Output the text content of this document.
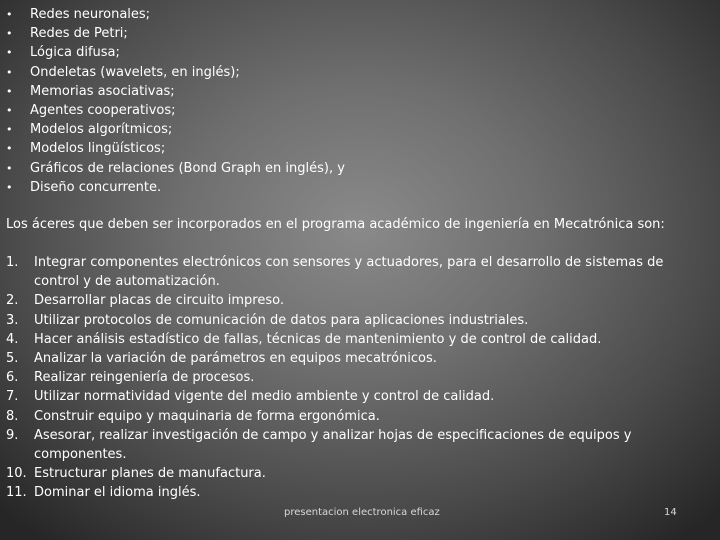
•	Redes neuronales;
•	Redes de Petri;
•	Lógica difusa;
•	Ondeletas (wavelets, en inglés);
•	Memorias asociativas;
•	Agentes cooperativos;
•	Modelos algorítmicos;
•	Modelos lingüísticos;
•	Gráficos de relaciones (Bond Graph en inglés), y
•	Diseño concurrente.
Los áceres que deben ser incorporados en el programa académico de ingeniería en Mecatrónica son:
1. Integrar componentes electrónicos con sensores y actuadores, para el desarrollo de sistemas de control y de automatización.
2. Desarrollar placas de circuito impreso.
3. Utilizar protocolos de comunicación de datos para aplicaciones industriales.
4. Hacer análisis estadístico de fallas, técnicas de mantenimiento y de control de calidad.
5. Analizar la variación de parámetros en equipos mecatrónicos.
6. Realizar reingeniería de procesos.
7. Utilizar normatividad vigente del medio ambiente y control de calidad.
8. Construir equipo y maquinaria de forma ergonómica.
9. Asesorar, realizar investigación de campo y analizar hojas de especificaciones de equipos y componentes.
10. Estructurar planes de manufactura.
11. Dominar el idioma inglés.
presentacion electronica eficaz	14
